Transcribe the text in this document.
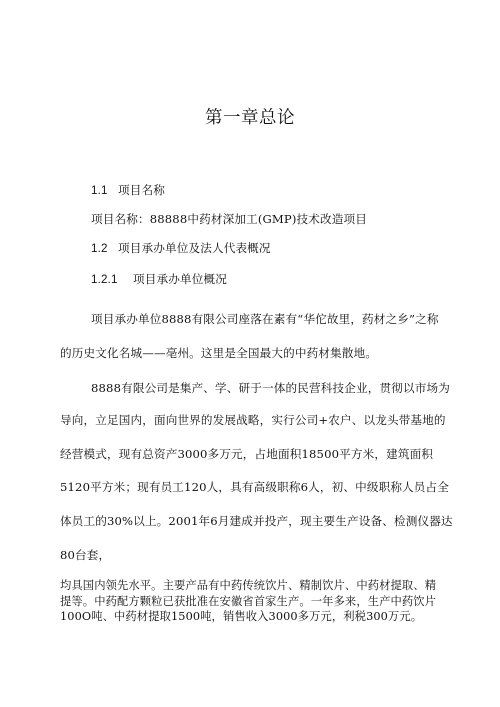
第一章总论
1.1 项目名称
项目名称：88888中药材深加工(GMP)技术改造项目
1.2 项目承办单位及法人代表概况
1.2.1 项目承办单位概况
项目承办单位8888有限公司座落在素有“华佗故里，药材之乡”之称
的历史文化名城——亳州。这里是全国最大的中药材集散地。
8888有限公司是集产、学、研于一体的民营科技企业，贯彻以市场为
导向，立足国内，面向世界的发展战略，实行公司+农户、以龙头带基地的
经营模式，现有总资产3000多万元，占地面积18500平方米，建筑面积
5120平方米；现有员工120人，具有高级职称6人，初、中级职称人员占全
体员工的30%以上。2001年6月建成并投产，现主要生产设备、检测仪器达
80台套，

均具国内领先水平。主要产品有中药传统饮片、精制饮片、中药材提取、精

提等。中药配方颗粒已获批准在安徽省首家生产。一年多来，生产中药饮片

100O吨、中药材提取1500吨，销售收入3000多万元，利税300万元。
